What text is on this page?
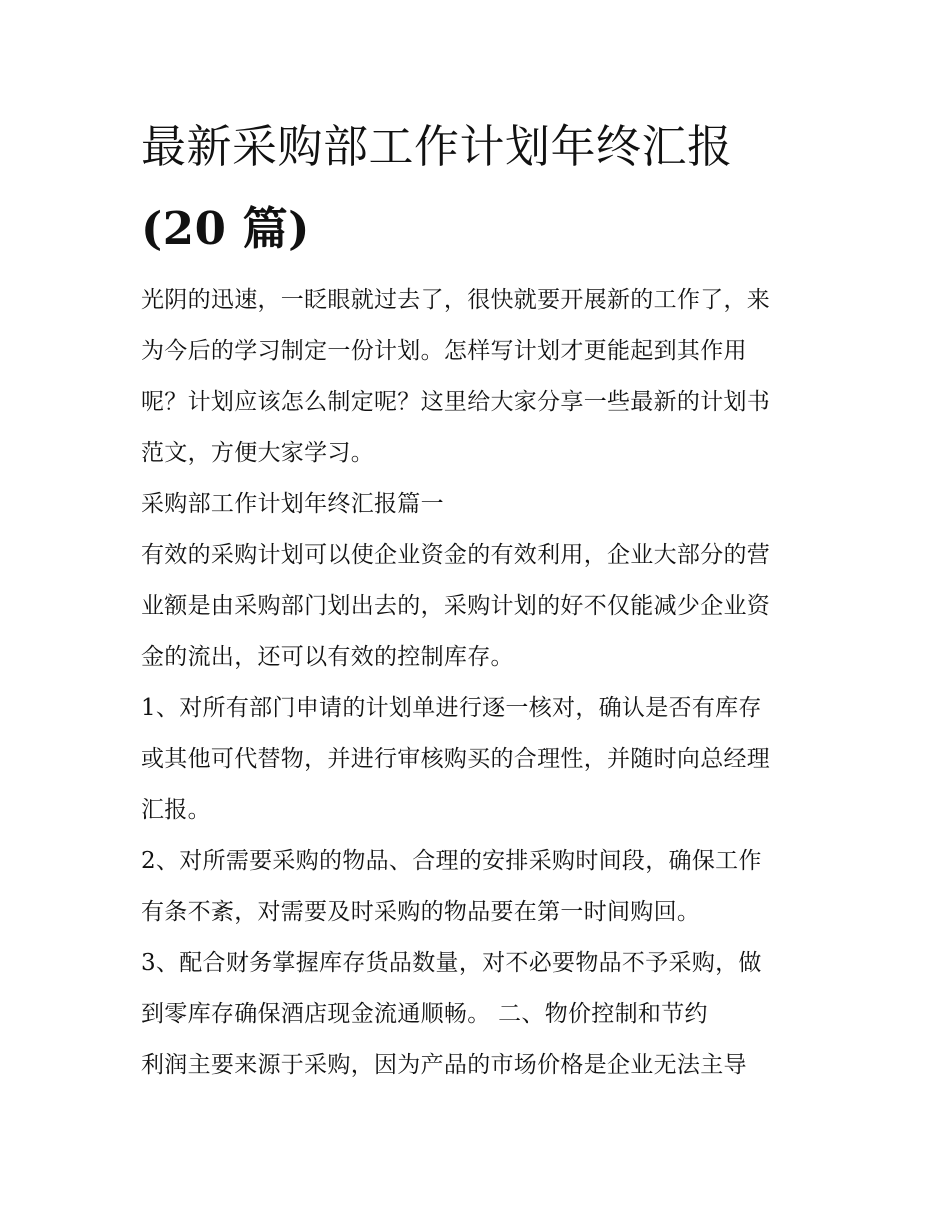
最新采购部工作计划年终汇报
(20 篇)
光阴的迅速，一眨眼就过去了，很快就要开展新的工作了，来
为今后的学习制定一份计划。怎样写计划才更能起到其作用
呢？计划应该怎么制定呢？这里给大家分享一些最新的计划书
范文，方便大家学习。
采购部工作计划年终汇报篇一
有效的采购计划可以使企业资金的有效利用，企业大部分的营
业额是由采购部门划出去的，采购计划的好不仅能减少企业资
金的流出，还可以有效的控制库存。
1、对所有部门申请的计划单进行逐一核对，确认是否有库存
或其他可代替物，并进行审核购买的合理性，并随时向总经理
汇报。
2、对所需要采购的物品、合理的安排采购时间段，确保工作
有条不紊，对需要及时采购的物品要在第一时间购回。
3、配合财务掌握库存货品数量，对不必要物品不予采购，做
到零库存确保酒店现金流通顺畅。 二、物价控制和节约
利润主要来源于采购，因为产品的市场价格是企业无法主导
